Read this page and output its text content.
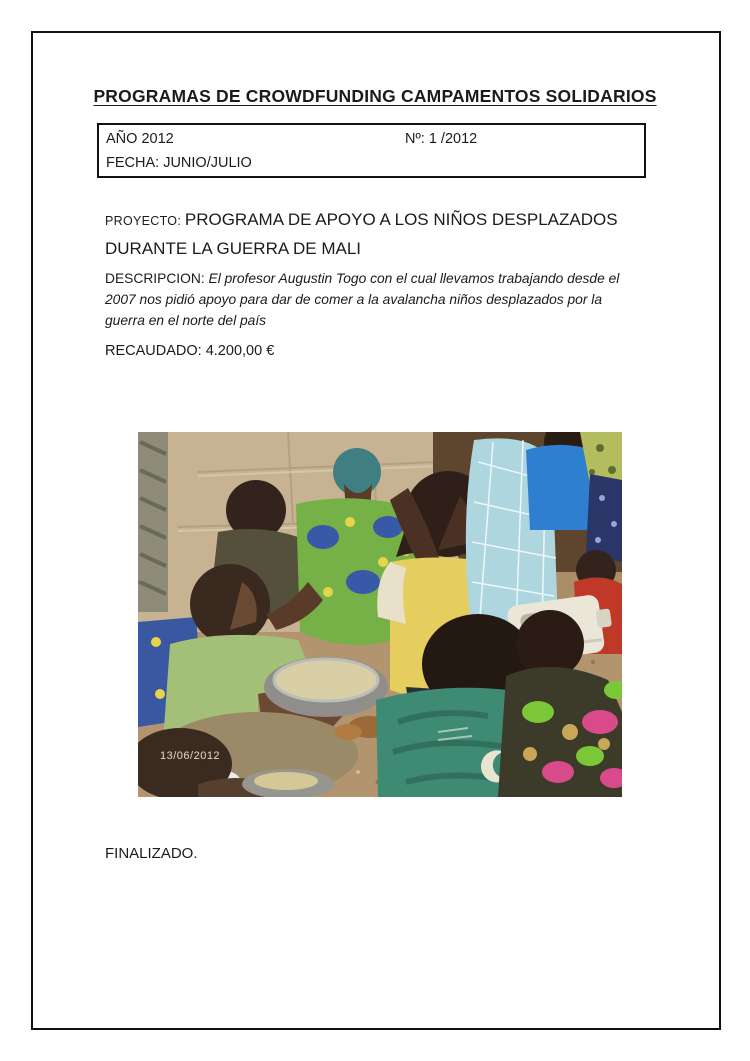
PROGRAMAS DE CROWDFUNDING CAMPAMENTOS SOLIDARIOS
AÑO 2012	Nº: 1 /2012
FECHA: JUNIO/JULIO
PROYECTO: PROGRAMA DE APOYO A LOS NIÑOS DESPLAZADOS DURANTE LA GUERRA DE MALI
DESCRIPCION: El profesor Augustin Togo con el cual llevamos trabajando desde el 2007 nos pidió apoyo para dar de comer a la avalancha niños desplazados por la guerra en el norte del país
RECAUDADO: 4.200,00 €
13/06/2012
FINALIZADO.
